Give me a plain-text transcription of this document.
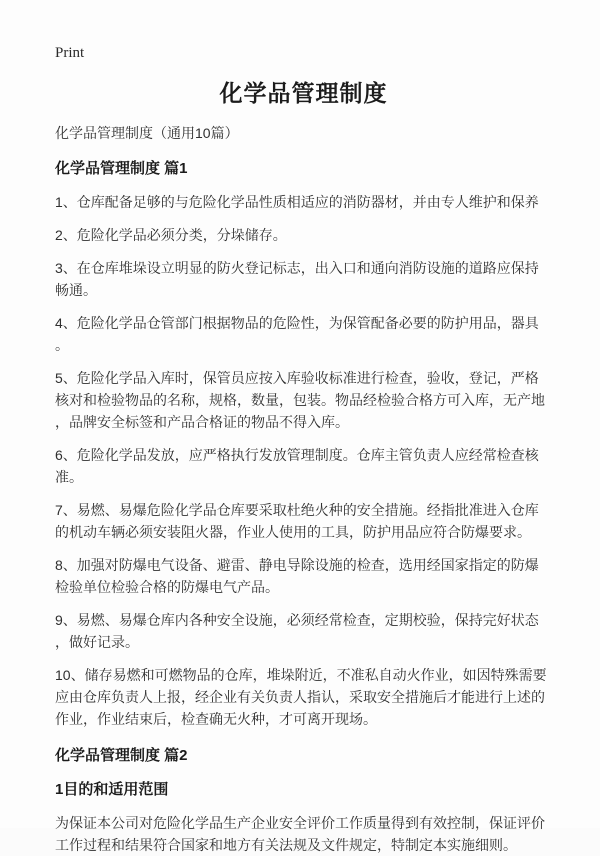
Print
化学品管理制度

化学品管理制度（通用10篇）

化学品管理制度 篇1

1、仓库配备足够的与危险化学品性质相适应的消防器材，并由专人维护和保养

2、危险化学品必须分类，分垛储存。

3、在仓库堆垛设立明显的防火登记标志，出入口和通向消防设施的道路应保持畅通。

4、危险化学品仓管部门根据物品的危险性，为保管配备必要的防护用品，器具。

5、危险化学品入库时，保管员应按入库验收标准进行检查，验收，登记，严格核对和检验物品的名称，规格，数量，包装。物品经检验合格方可入库，无产地，品牌安全标签和产品合格证的物品不得入库。

6、危险化学品发放，应严格执行发放管理制度。仓库主管负责人应经常检查核准。

7、易燃、易爆危险化学品仓库要采取杜绝火种的安全措施。经指批准进入仓库的机动车辆必须安装阻火器，作业人使用的工具，防护用品应符合防爆要求。

8、加强对防爆电气设备、避雷、静电导除设施的检查，选用经国家指定的防爆检验单位检验合格的防爆电气产品。

9、易燃、易爆仓库内各种安全设施，必须经常检查，定期校验，保持完好状态，做好记录。

10、储存易燃和可燃物品的仓库，堆垛附近，不准私自动火作业，如因特殊需要应由仓库负责人上报，经企业有关负责人指认，采取安全措施后才能进行上述的作业，作业结束后，检查确无火种，才可离开现场。

化学品管理制度 篇2
1目的和适用范围

为保证本公司对危险化学品生产企业安全评价工作质量得到有效控制，保证评价工作过程和结果符合国家和地方有关法规及文件规定，特制定本实施细则。
